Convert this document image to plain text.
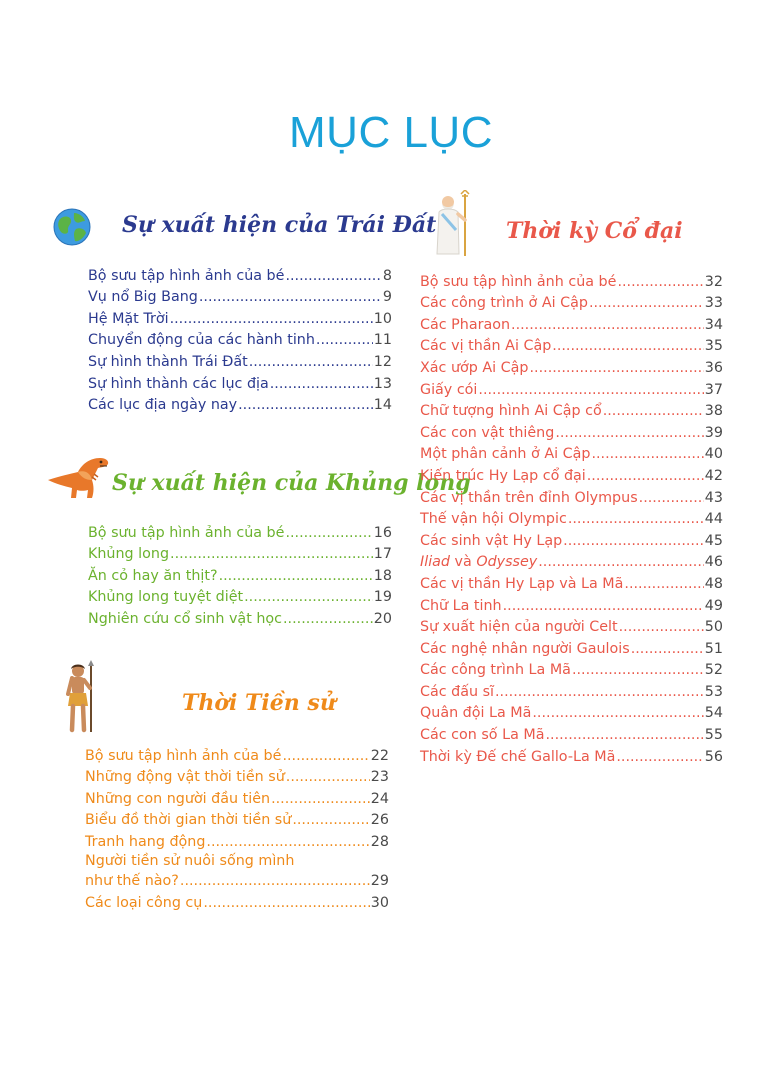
MỤC LỤC
Sự xuất hiện của Trái Đất
Bộ sưu tập hình ảnh của bé .....	8
Vụ nổ Big Bang .....	9
Hệ Mặt Trời .....	10
Chuyển động của các hành tinh .....	11
Sự hình thành Trái Đất .....	12
Sự hình thành các lục địa .....	13
Các lục địa ngày nay .....	14
Sự xuất hiện của Khủng long
Bộ sưu tập hình ảnh của bé .....	16
Khủng long .....	17
Ăn cỏ hay ăn thịt? .....	18
Khủng long tuyệt diệt .....	19
Nghiên cứu cổ sinh vật học .....	20
Thời Tiền sử
Bộ sưu tập hình ảnh của bé .....	22
Những động vật thời tiền sử .....	23
Những con người đầu tiên .....	24
Biểu đồ thời gian thời tiền sử .....	26
Tranh hang động .....	28
Người tiền sử nuôi sống mình
như thế nào? .....	29
Các loại công cụ .....	30
Thời kỳ Cổ đại
Bộ sưu tập hình ảnh của bé .....	32
Các công trình ở Ai Cập .....	33
Các Pharaon .....	34
Các vị thần Ai Cập .....	35
Xác ướp Ai Cập .....	36
Giấy cói .....	37
Chữ tượng hình Ai Cập cổ .....	38
Các con vật thiêng .....	39
Một phân cảnh ở Ai Cập .....	40
Kiến trúc Hy Lạp cổ đại .....	42
Các vị thần trên đỉnh Olympus .....	43
Thế vận hội Olympic .....	44
Các sinh vật Hy Lạp .....	45
Iliad và Odyssey .....	46
Các vị thần Hy Lạp và La Mã .....	48
Chữ La tinh .....	49
Sự xuất hiện của người Celt .....	50
Các nghệ nhân người Gaulois .....	51
Các công trình La Mã .....	52
Các đấu sĩ .....	53
Quân đội La Mã .....	54
Các con số La Mã .....	55
Thời kỳ Đế chế Gallo-La Mã .....	56
